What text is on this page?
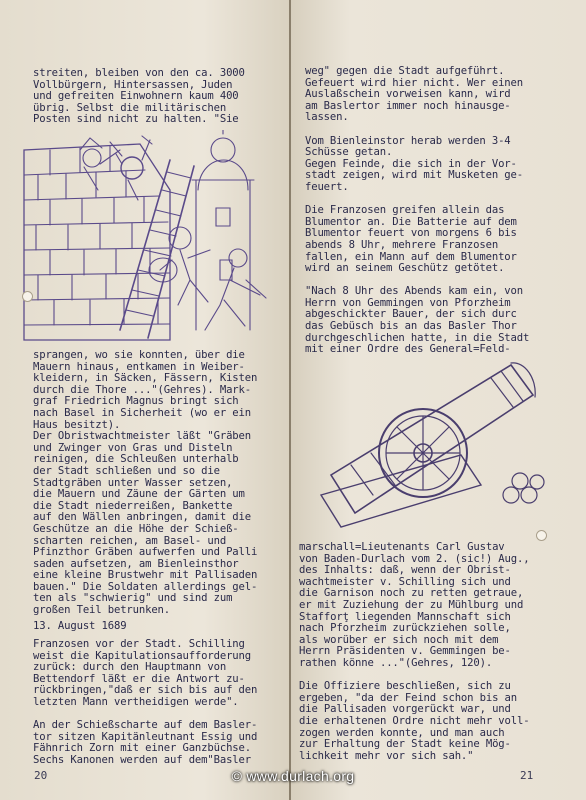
streiten, bleiben von den ca. 3000
Vollbürgern, Hintersassen, Juden
und gefreiten Einwohnern kaum 400
übrig. Selbst die militärischen
Posten sind nicht zu halten. "Sie
sprangen, wo sie konnten, über die
Mauern hinaus, entkamen in Weiber-
kleidern, in Säcken, Fässern, Kisten
durch die Thore ..."(Gehres). Mark-
graf Friedrich Magnus bringt sich
nach Basel in Sicherheit (wo er ein
Haus besitzt).
Der Obristwachtmeister läßt "Gräben
und Zwinger von Gras und Disteln
reinigen, die Schleußen unterhalb
der Stadt schließen und so die
Stadtgräben unter Wasser setzen,
die Mauern und Zäune der Gärten um
die Stadt niederreißen, Bankette
auf den Wällen anbringen, damit die
Geschütze an die Höhe der Schieß-
scharten reichen, am Basel- und
Pfinzthor Gräben aufwerfen und Palli
saden aufsetzen, am Bienleinsthor
eine kleine Brustwehr mit Pallisaden
bauen." Die Soldaten allerdings gel-
ten als "schwierig" und sind zum
großen Teil betrunken.
13. August 1689
Franzosen vor der Stadt. Schilling
weist die Kapitulationsaufforderung
zurück: durch den Hauptmann von
Bettendorf läßt er die Antwort zu-
rückbringen,"daß er sich bis auf den
letzten Mann vertheidigen werde".

An der Schießscharte auf dem Basler-
tor sitzen Kapitänleutnant Essig und
Fähnrich Zorn mit einer Ganzbüchse.
Sechs Kanonen werden auf dem"Basler
20
weg" gegen die Stadt aufgeführt.
Gefeuert wird hier nicht. Wer einen
Auslaßschein vorweisen kann, wird
am Baslertor immer noch hinausge-
lassen.

Vom Bienleinstor herab werden 3-4
Schüsse getan.
Gegen Feinde, die sich in der Vor-
stadt zeigen, wird mit Musketen ge-
feuert.

Die Franzosen greifen allein das
Blumentor an. Die Batterie auf dem
Blumentor feuert von morgens 6 bis
abends 8 Uhr, mehrere Franzosen
fallen, ein Mann auf dem Blumentor
wird an seinem Geschütz getötet.

"Nach 8 Uhr des Abends kam ein, von
Herrn von Gemmingen von Pforzheim
abgeschickter Bauer, der sich durc
das Gebüsch bis an das Basler Thor
durchgeschlichen hatte, in die Stadt
mit einer Ordre des General=Feld-
marschall=Lieutenants Carl Gustav
von Baden-Durlach vom 2. (sic!) Aug.,
des Inhalts: daß, wenn der Obrist-
wachtmeister v. Schilling sich und
die Garnison noch zu retten getraue,
er mit Zuziehung der zu Mühlburg und
Stafforţ liegenden Mannschaft sich
nach Pforzheim zurückziehen solle,
als worüber er sich noch mit dem
Herrn Präsidenten v. Gemmingen be-
rathen könne ..."(Gehres, 120).

Die Offiziere beschließen, sich zu
ergeben, "da der Feind schon bis an
die Pallisaden vorgerückt war, und
die erhaltenen Ordre nicht mehr voll-
zogen werden konnte, und man auch
zur Erhaltung der Stadt keine Mög-
lichkeit mehr vor sich sah."
21
© www.durlach.org
